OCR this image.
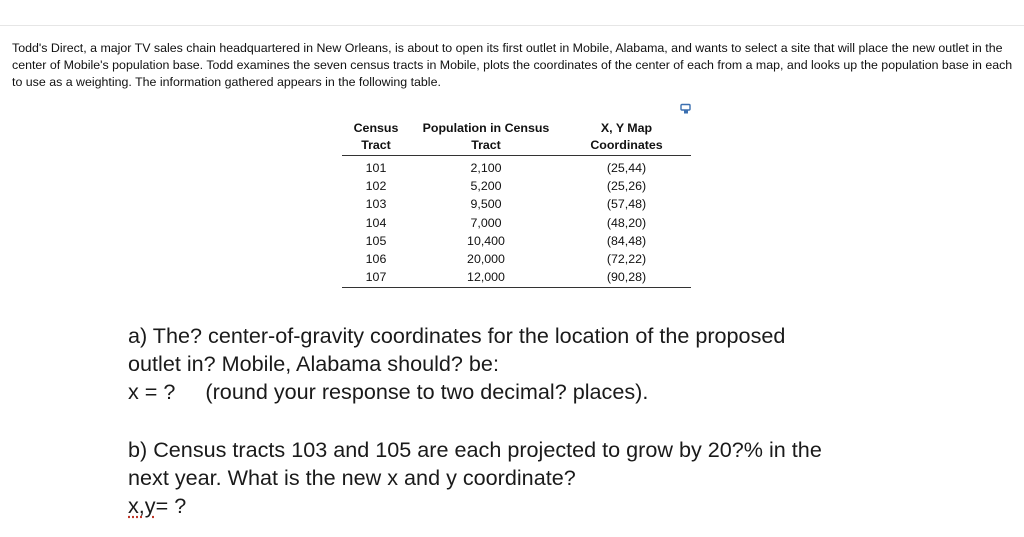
Todd's Direct, a major TV sales chain headquartered in New Orleans, is about to open its first outlet in Mobile, Alabama, and wants to select a site that will place the new outlet in the center of Mobile's population base. Todd examines the seven census tracts in Mobile, plots the coordinates of the center of each from a map, and looks up the population base in each to use as a weighting. The information gathered appears in the following table.
Census	Population in Census	X, Y Map
Tract	Tract	Coordinates
101	2,100	(25,44)
102	5,200	(25,26)
103	9,500	(57,48)
104	7,000	(48,20)
105	10,400	(84,48)
106	20,000	(72,22)
107	12,000	(90,28)
a) The? center-of-gravity coordinates for the location of the proposed
outlet in? Mobile, Alabama should? be:
x = ? (round your response to two decimal? places).
b) Census tracts 103 and 105 are each projected to grow by 20?% in the
next year. What is the new x and y coordinate?
x,y= ?
